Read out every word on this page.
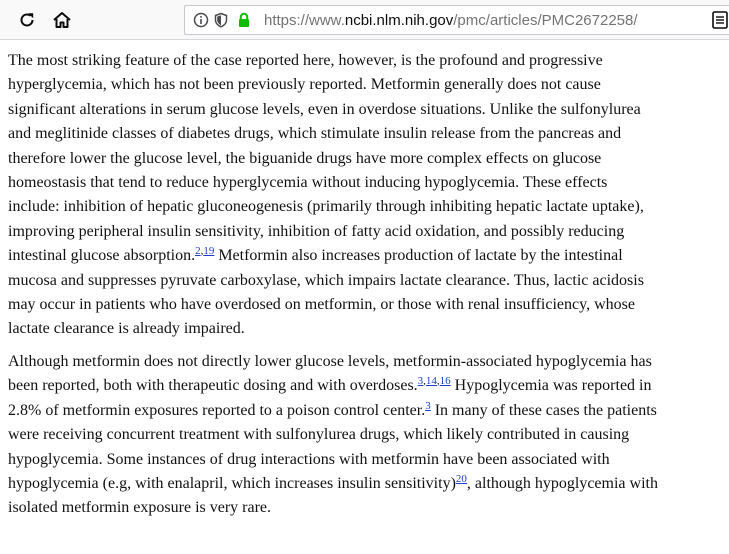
https://www.ncbi.nlm.nih.gov/pmc/articles/PMC2672258/

The most striking feature of the case reported here, however, is the profound and progressive
hyperglycemia, which has not been previously reported. Metformin generally does not cause
significant alterations in serum glucose levels, even in overdose situations. Unlike the sulfonylurea
and meglitinide classes of diabetes drugs, which stimulate insulin release from the pancreas and
therefore lower the glucose level, the biguanide drugs have more complex effects on glucose
homeostasis that tend to reduce hyperglycemia without inducing hypoglycemia. These effects
include: inhibition of hepatic gluconeogenesis (primarily through inhibiting hepatic lactate uptake),
improving peripheral insulin sensitivity, inhibition of fatty acid oxidation, and possibly reducing
intestinal glucose absorption.$^{2,19}$ Metformin also increases production of lactate by the intestinal
mucosa and suppresses pyruvate carboxylase, which impairs lactate clearance. Thus, lactic acidosis
may occur in patients who have overdosed on metformin, or those with renal insufficiency, whose
lactate clearance is already impaired.

Although metformin does not directly lower glucose levels, metformin-associated hypoglycemia has
been reported, both with therapeutic dosing and with overdoses.$^{3,14,16}$ Hypoglycemia was reported in
2.8% of metformin exposures reported to a poison control center.$^3$ In many of these cases the patients
were receiving concurrent treatment with sulfonylurea drugs, which likely contributed in causing
hypoglycemia. Some instances of drug interactions with metformin have been associated with
hypoglycemia (e.g, with enalapril, which increases insulin sensitivity)$^{20}$, although hypoglycemia with
isolated metformin exposure is very rare.
